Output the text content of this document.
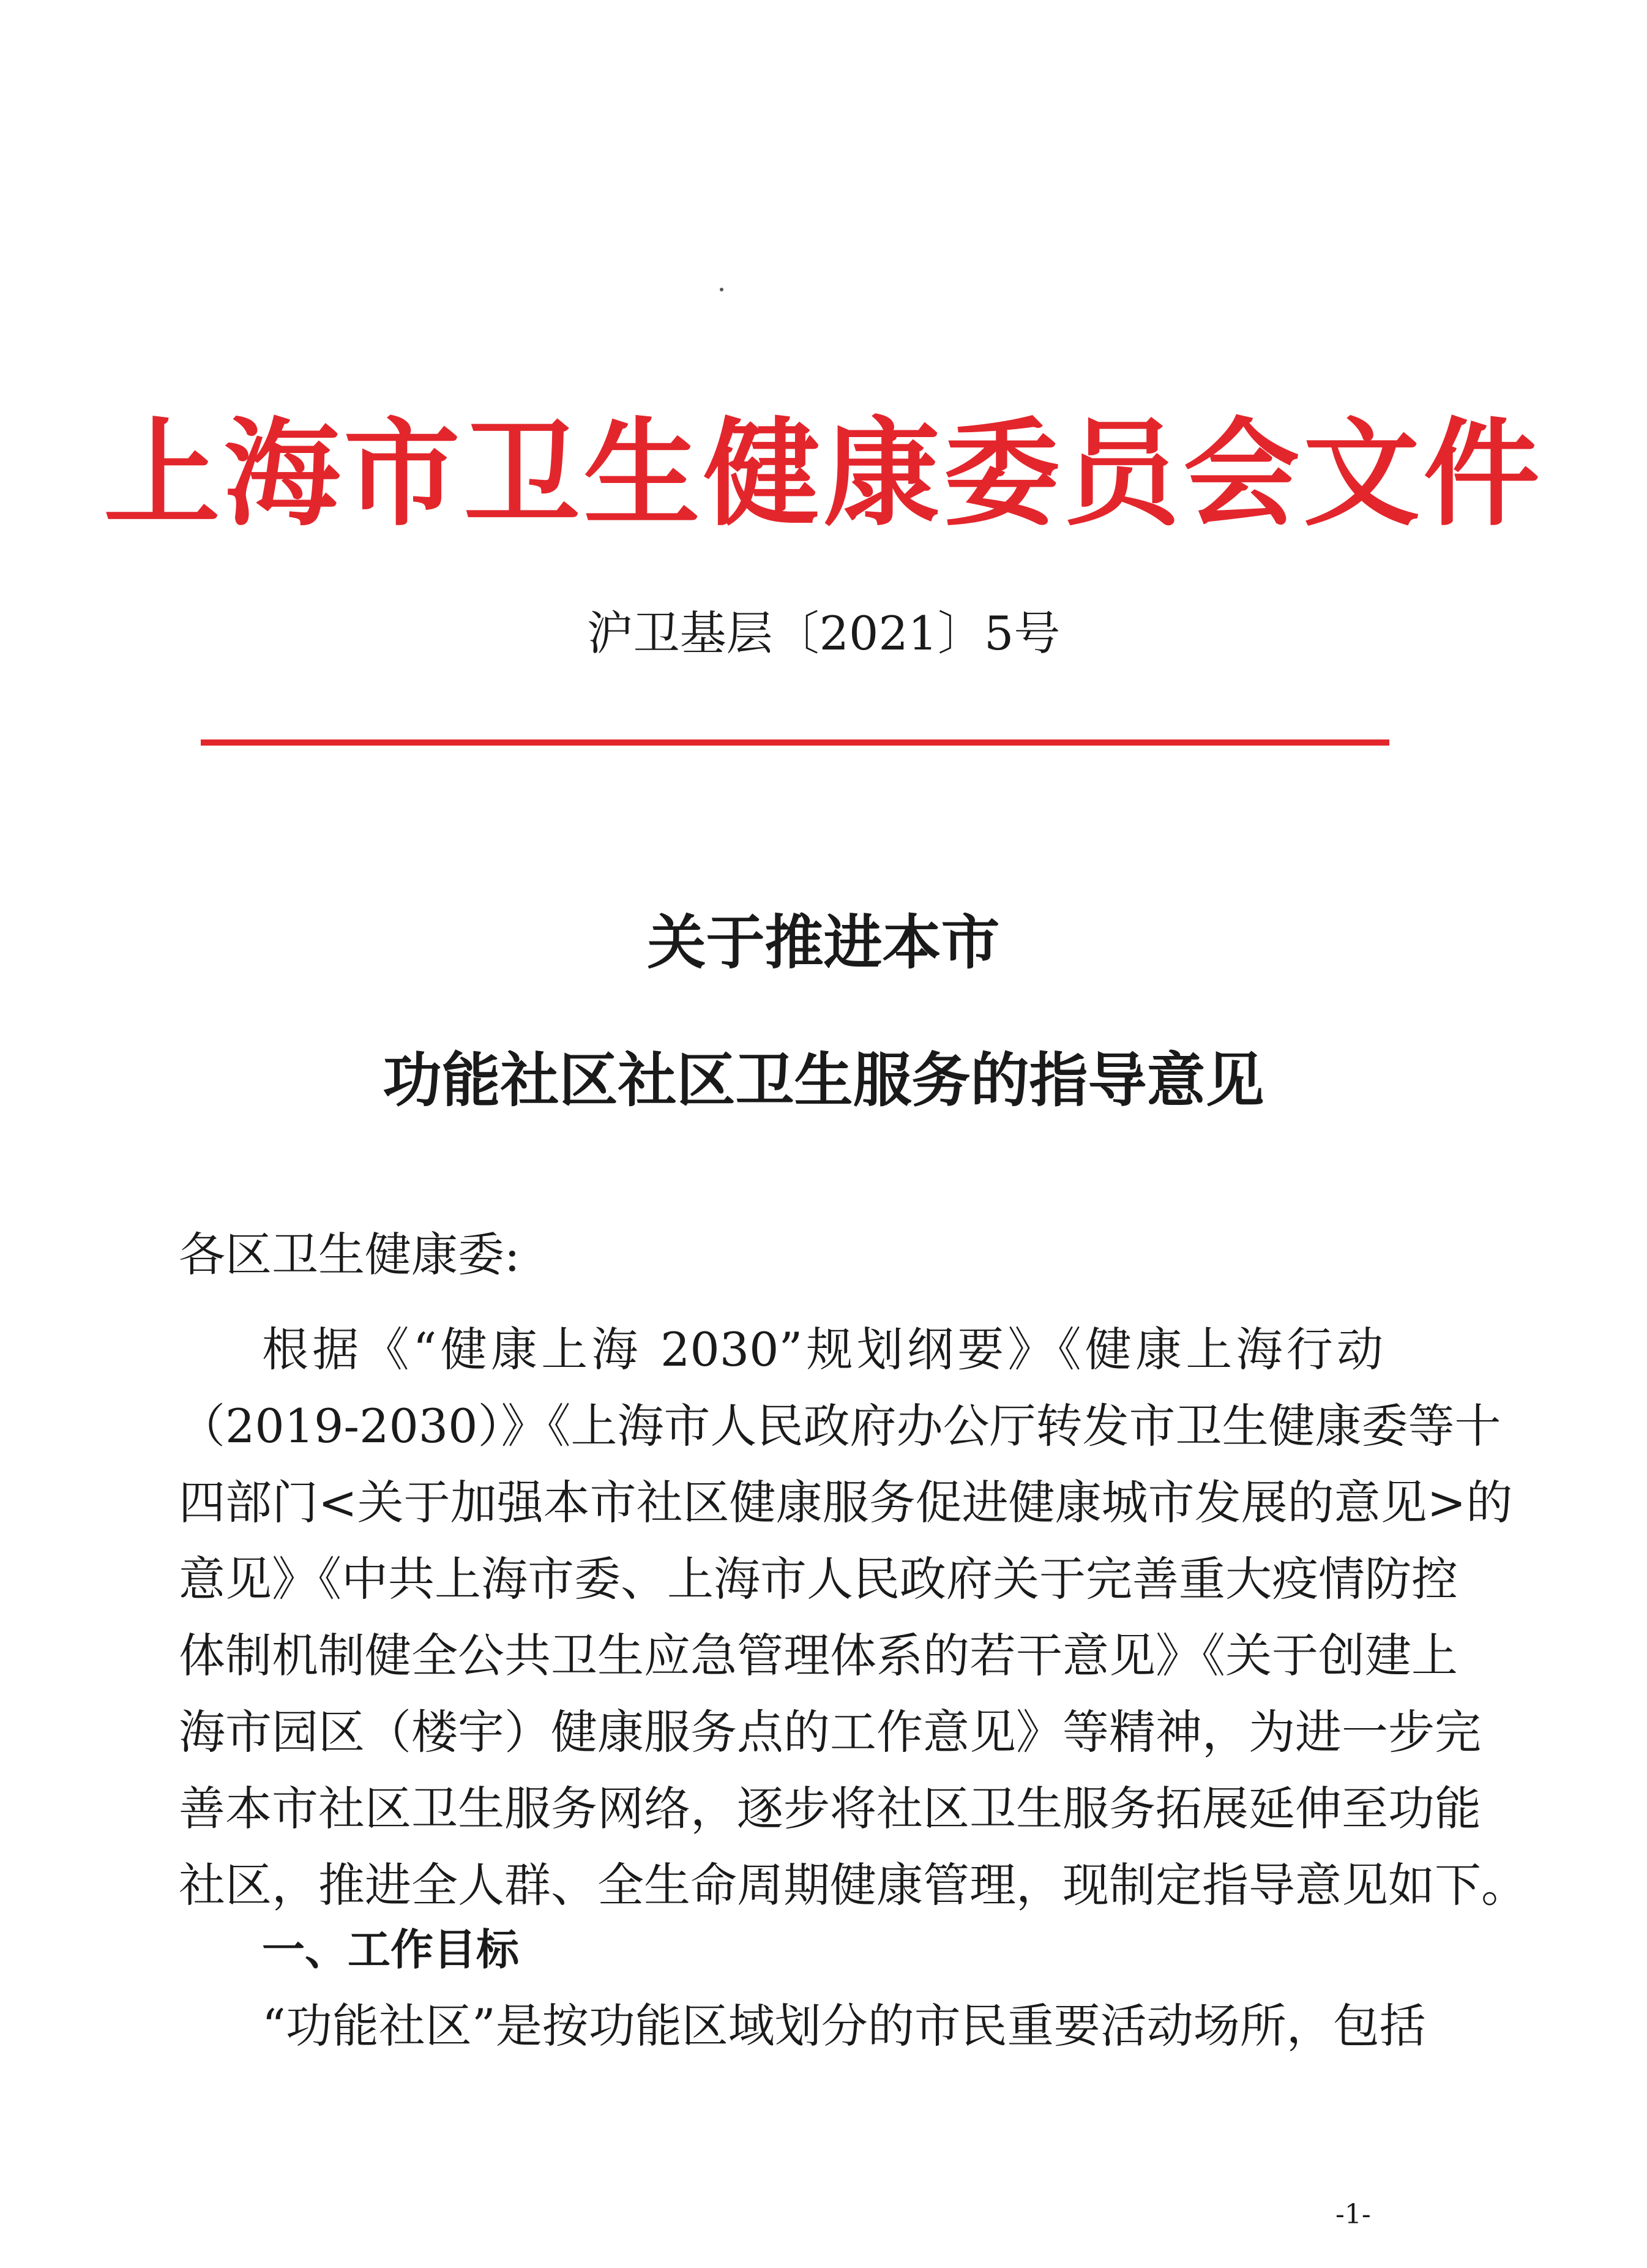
上海市卫生健康委员会文件
沪卫基层〔2021〕5号
关于推进本市
功能社区社区卫生服务的指导意见
各区卫生健康委:
根据《“健康上海 2030”规划纲要》《健康上海行动
（2019-2030）》《上海市人民政府办公厅转发市卫生健康委等十
四部门<关于加强本市社区健康服务促进健康城市发展的意见>的
意见》《中共上海市委、上海市人民政府关于完善重大疫情防控
体制机制健全公共卫生应急管理体系的若干意见》《关于创建上
海市园区（楼宇）健康服务点的工作意见》等精神，为进一步完
善本市社区卫生服务网络，逐步将社区卫生服务拓展延伸至功能
社区，推进全人群、全生命周期健康管理，现制定指导意见如下。
一、工作目标
“功能社区”是按功能区域划分的市民重要活动场所，包括
-1-
